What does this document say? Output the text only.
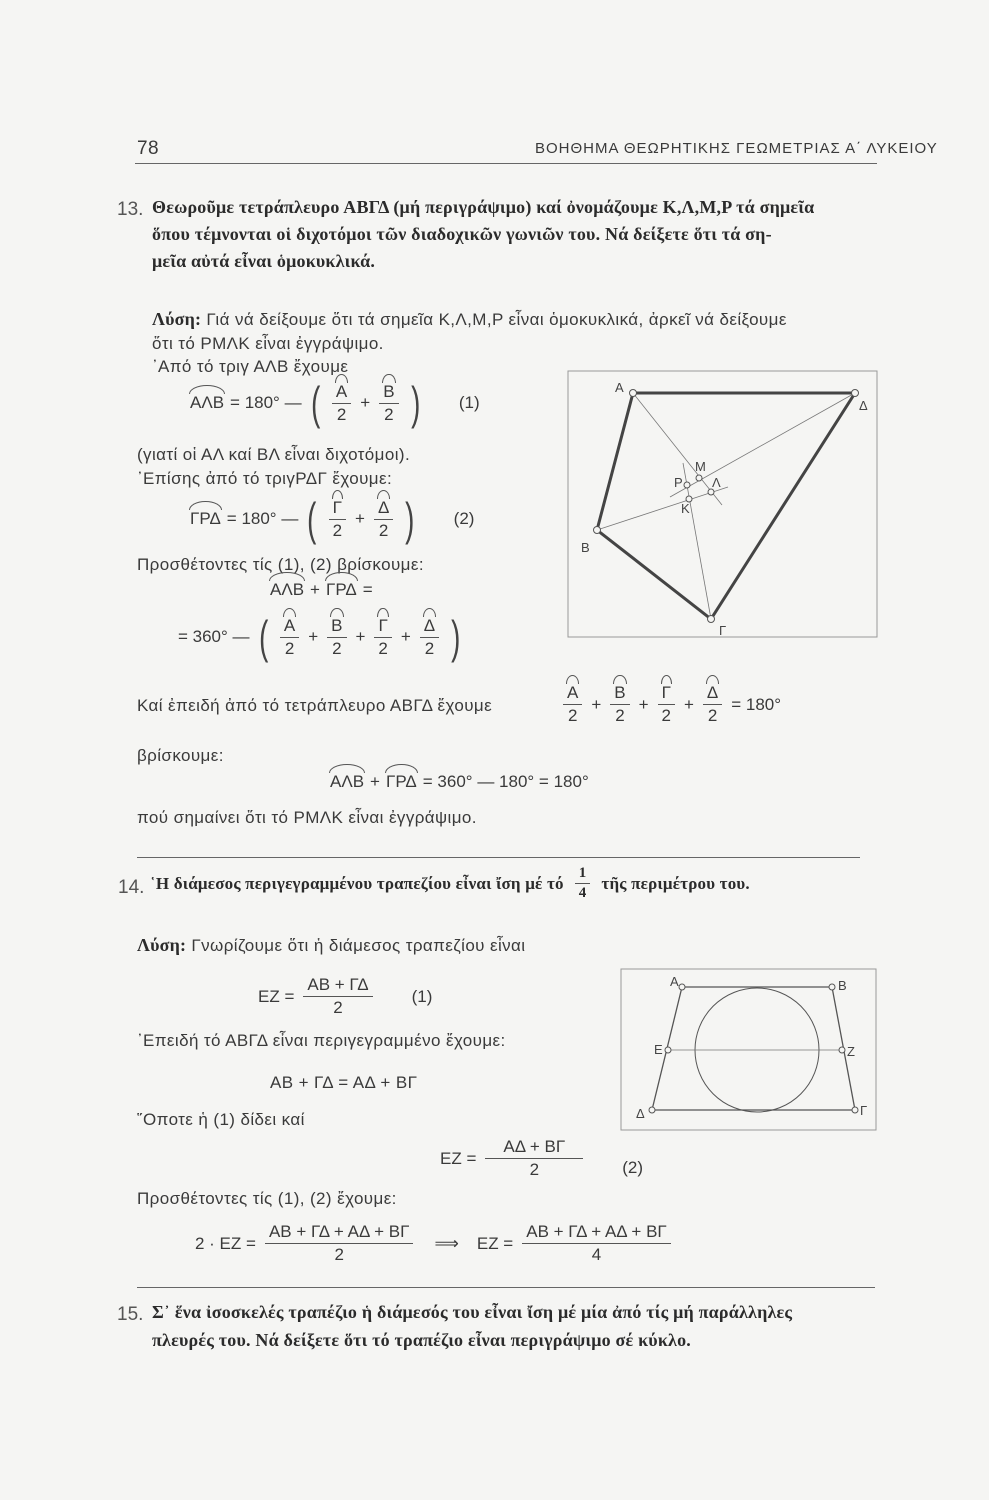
78	ΒΟΗΘΗΜΑ ΘΕΩΡΗΤΙΚΗΣ ΓΕΩΜΕΤΡΙΑΣ Α΄ ΛΥΚΕΙΟΥ
13. Θεωροῦμε τετράπλευρο ΑΒΓΔ (μή περιγράψιμο) καί ὀνομάζουμε Κ,Λ,Μ,Ρ τά σημεῖα
ὅπου τέμνονται οἱ διχοτόμοι τῶν διαδοχικῶν γωνιῶν του. Νά δείξετε ὅτι τά ση-
μεῖα αὐτά εἶναι ὁμοκυκλικά.
Λύση: Γιά νά δείξουμε ὅτι τά σημεῖα Κ,Λ,Μ,Ρ εἶναι ὁμοκυκλικά, ἀρκεῖ νά δείξουμε
ὅτι τό ΡΜΛΚ εἶναι ἐγγράψιμο.
᾿Από τό τριγ ΑΛΒ ἔχουμε
ΑΛΒ = 180° — ( Α
2
+ $\frac{B}{2}$ ) (1)
(γιατί οἱ ΑΛ καί ΒΛ εἶναι διχοτόμοι).
᾿Επίσης ἀπό τό τριγΡΔΓ ἔχουμε:
ΓΡΔ = 180° — ( Γ
2
+ $\frac{\Delta}{2}$ ) (2)
Προσθέτοντες τίς (1), (2) βρίσκουμε:
ΑΛΒ + ΓΡΔ =
= 360° — ( Α
2
+ $\frac{B}{2} + \frac{\Gamma}{2} + \frac{\Delta}{2}$ )
Καί ἐπειδή ἀπό τό τετράπλευρο ΑΒΓΔ ἔχουμε
Α
2
+ $\frac{B}{2} + \frac{\Gamma}{2} + \frac{\Delta}{2} = 180^\circ$
βρίσκουμε:
ΑΛΒ + ΓΡΔ = 360° — 180° = 180°
πού σημαίνει ὅτι τό ΡΜΛΚ εἶναι ἐγγράψιμο.
Α
Δ
Β
Γ
Μ
Ρ Λ
Κ
14. ῾Η διάμεσος περιγεγραμμένου τραπεζίου εἶναι ἴση μέ τό $\frac{1}{4}$ τῆς περιμέτρου του.
Λύση: Γνωρίζουμε ὅτι ἡ διάμεσος τραπεζίου εἶναι
$EZ = \frac{AB + \Gamma\Delta}{2} (1)$
᾿Επειδή τό ΑΒΓΔ εἶναι περιγεγραμμένο ἔχουμε:
ΑΒ + ΓΔ = ΑΔ + ΒΓ
῞Οποτε ἡ (1) δίδει καί
$EZ = \frac{A\Delta + B\Gamma}{2} (2)$
Προσθέτοντες τίς (1), (2) ἔχουμε:
$2 \cdot EZ = \frac{AB + \Gamma\Delta + A\Delta + B\Gamma}{2}$ ⟹ $EZ = \frac{AB + \Gamma\Delta + A\Delta + B\Gamma}{4}$
Α	Β
Γ
Δ
Ε	Ζ
15. Σ᾿ ἕνα ἰσοσκελές τραπέζιο ἡ διάμεσός του εἶναι ἴση μέ μία ἀπό τίς μή παράλληλες
πλευρές του. Νά δείξετε ὅτι τό τραπέζιο εἶναι περιγράψιμο σέ κύκλο.
